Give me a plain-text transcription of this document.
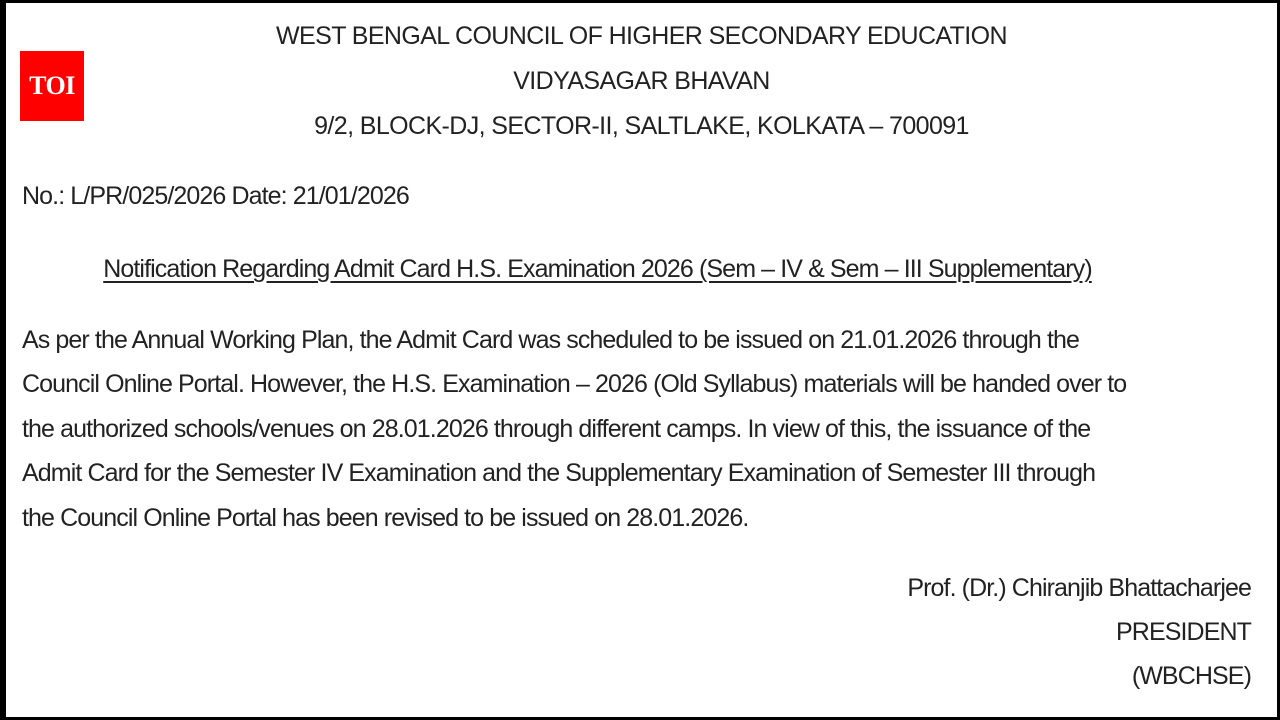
TOI
WEST BENGAL COUNCIL OF HIGHER SECONDARY EDUCATION
VIDYASAGAR BHAVAN
9/2, BLOCK-DJ, SECTOR-II, SALTLAKE, KOLKATA – 700091
No.: L/PR/025/2026 Date: 21/01/2026
Notification Regarding Admit Card H.S. Examination 2026 (Sem – IV & Sem – III Supplementary)
As per the Annual Working Plan, the Admit Card was scheduled to be issued on 21.01.2026 through the
Council Online Portal. However, the H.S. Examination – 2026 (Old Syllabus) materials will be handed over to
the authorized schools/venues on 28.01.2026 through different camps. In view of this, the issuance of the
Admit Card for the Semester IV Examination and the Supplementary Examination of Semester III through
the Council Online Portal has been revised to be issued on 28.01.2026.
Prof. (Dr.) Chiranjib Bhattacharjee
PRESIDENT
(WBCHSE)
